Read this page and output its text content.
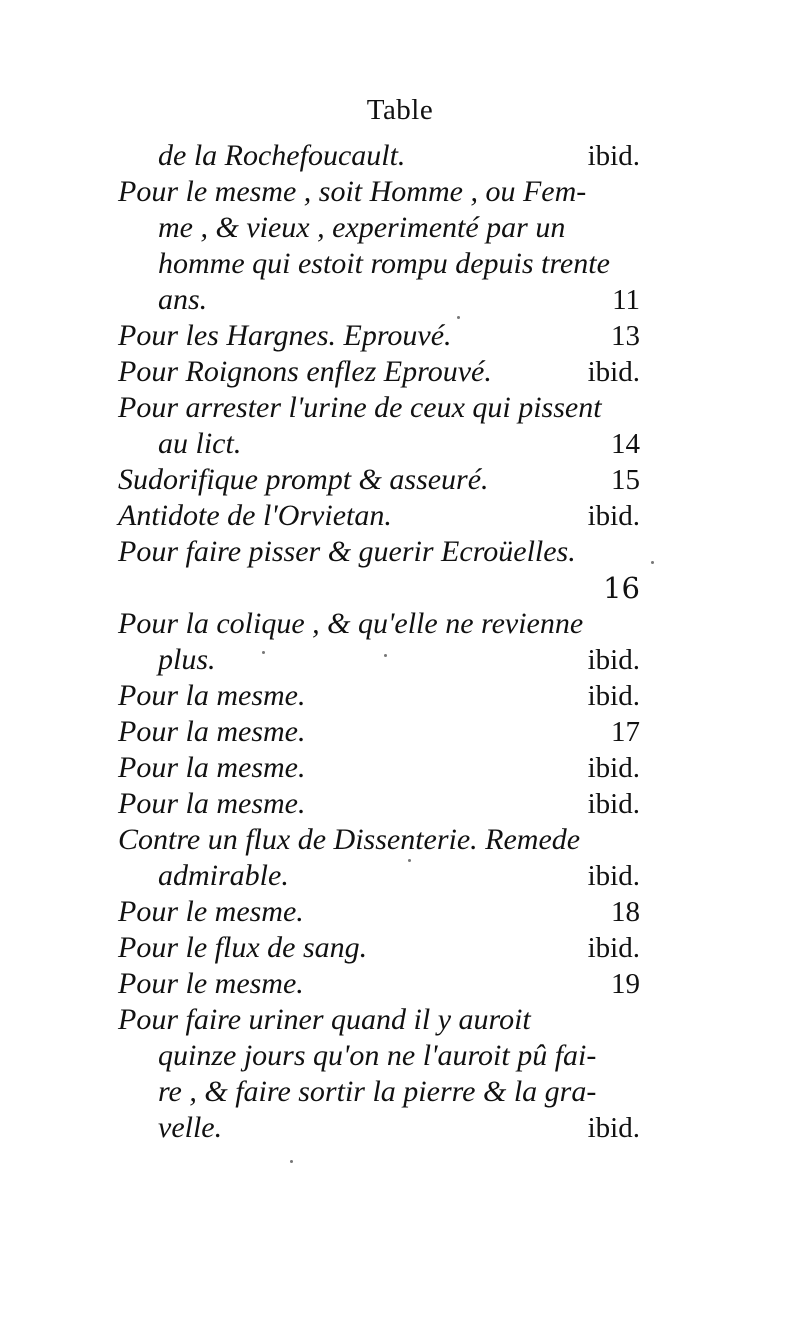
Table
de la Rochefoucault.	ibid.
Pour le mesme , soit Homme , ou Fem-
me , & vieux , experimenté par un
homme qui estoit rompu depuis trente
ans.	11
Pour les Hargnes. Eprouvé.	13
Pour Roignons enflez Eprouvé.	ibid.
Pour arrester l'urine de ceux qui pissent
au lict.	14
Sudorifique prompt & asseuré.	15
Antidote de l'Orvietan.	ibid.
Pour faire pisser & guerir Ecroüelles.
16
Pour la colique , & qu'elle ne revienne
plus.	ibid.
Pour la mesme.	ibid.
Pour la mesme.	17
Pour la mesme.	ibid.
Pour la mesme.	ibid.
Contre un flux de Dissenterie. Remede
admirable.	ibid.
Pour le mesme.	18
Pour le flux de sang.	ibid.
Pour le mesme.	19
Pour faire uriner quand il y auroit
quinze jours qu'on ne l'auroit pû fai-
re , & faire sortir la pierre & la gra-
velle.	ibid.
